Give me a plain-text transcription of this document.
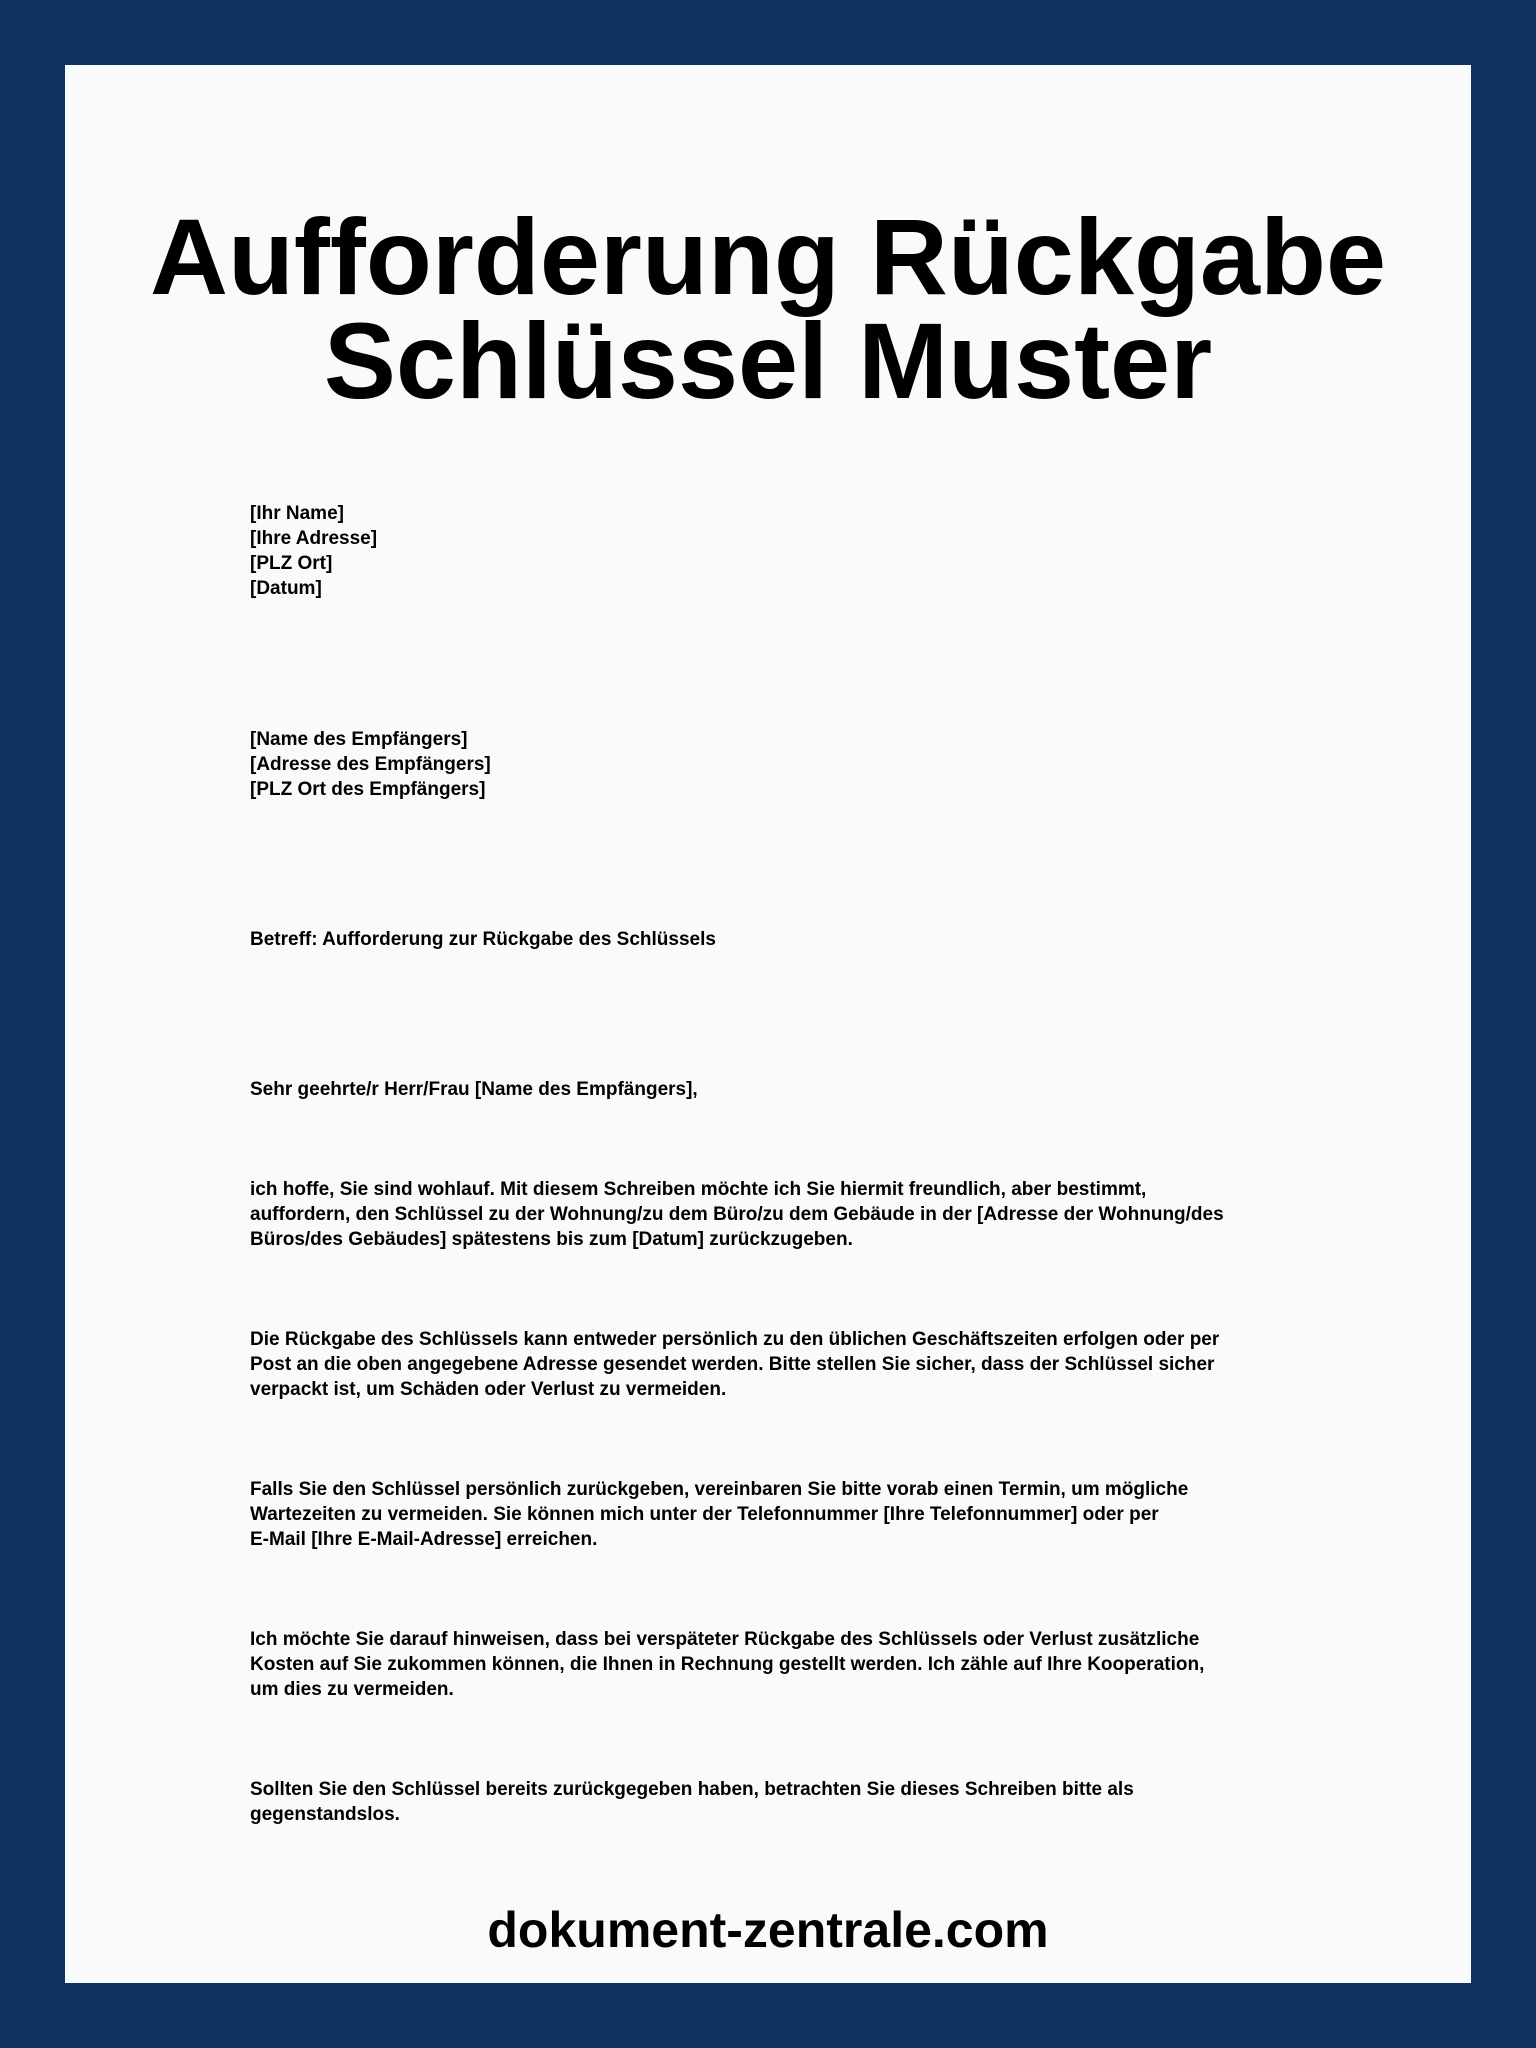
Aufforderung Rückgabe
Schlüssel Muster
[Ihr Name]
[Ihre Adresse]
[PLZ Ort]
[Datum]
[Name des Empfängers]
[Adresse des Empfängers]
[PLZ Ort des Empfängers]
Betreff: Aufforderung zur Rückgabe des Schlüssels
Sehr geehrte/r Herr/Frau [Name des Empfängers],
ich hoffe, Sie sind wohlauf. Mit diesem Schreiben möchte ich Sie hiermit freundlich, aber bestimmt,
auffordern, den Schlüssel zu der Wohnung/zu dem Büro/zu dem Gebäude in der [Adresse der Wohnung/des
Büros/des Gebäudes] spätestens bis zum [Datum] zurückzugeben.
Die Rückgabe des Schlüssels kann entweder persönlich zu den üblichen Geschäftszeiten erfolgen oder per
Post an die oben angegebene Adresse gesendet werden. Bitte stellen Sie sicher, dass der Schlüssel sicher
verpackt ist, um Schäden oder Verlust zu vermeiden.
Falls Sie den Schlüssel persönlich zurückgeben, vereinbaren Sie bitte vorab einen Termin, um mögliche
Wartezeiten zu vermeiden. Sie können mich unter der Telefonnummer [Ihre Telefonnummer] oder per
E-Mail [Ihre E-Mail-Adresse] erreichen.
Ich möchte Sie darauf hinweisen, dass bei verspäteter Rückgabe des Schlüssels oder Verlust zusätzliche
Kosten auf Sie zukommen können, die Ihnen in Rechnung gestellt werden. Ich zähle auf Ihre Kooperation,
um dies zu vermeiden.
Sollten Sie den Schlüssel bereits zurückgegeben haben, betrachten Sie dieses Schreiben bitte als
gegenstandslos.
dokument-zentrale.com
